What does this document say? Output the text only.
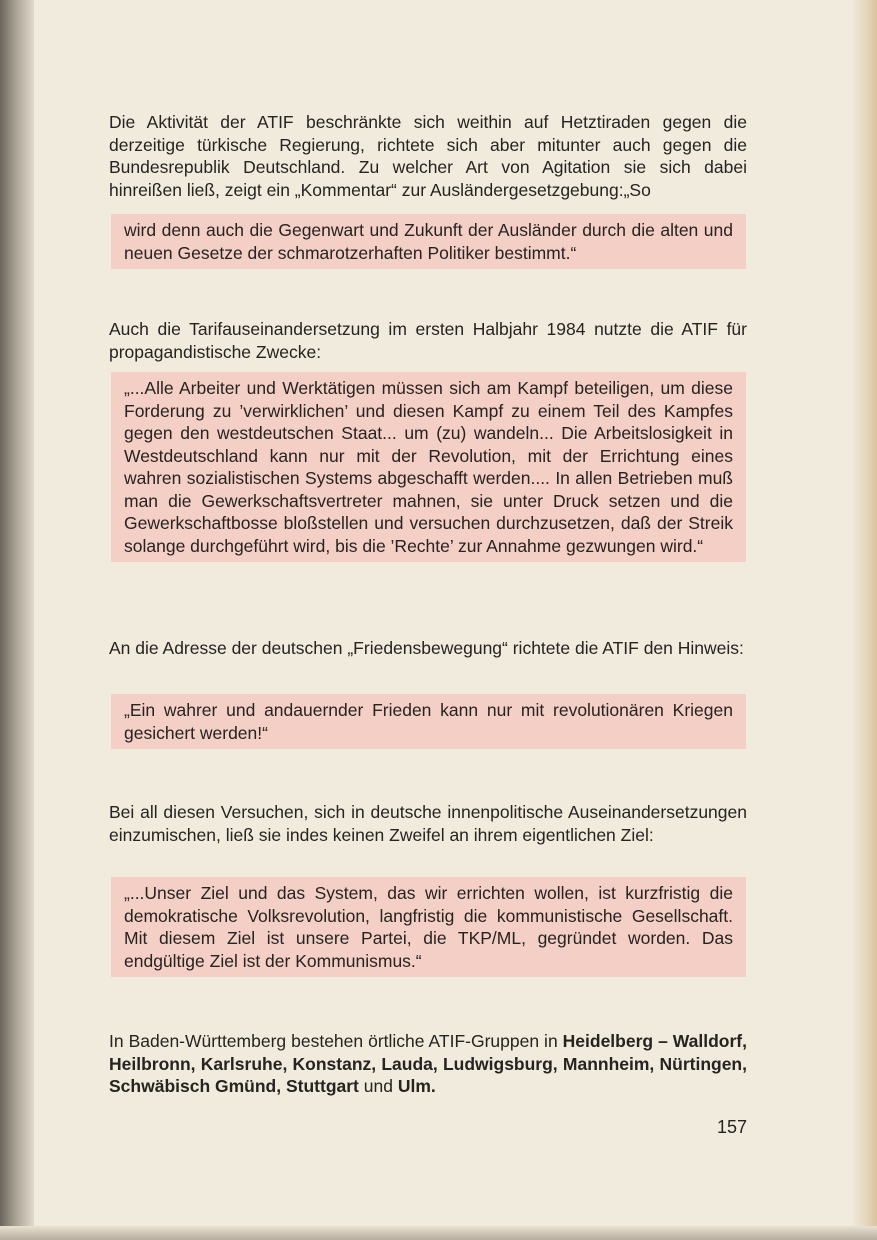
Die Aktivität der ATIF beschränkte sich weithin auf Hetztiraden gegen die derzeitige türkische Regierung, richtete sich aber mitunter auch gegen die Bundesrepublik Deutschland. Zu welcher Art von Agitation sie sich dabei hinreißen ließ, zeigt ein „Kommentar“ zur Ausländergesetzgebung:„So

wird denn auch die Gegenwart und Zukunft der Ausländer durch die alten und neuen Gesetze der schmarotzerhaften Politiker bestimmt.“

Auch die Tarifauseinandersetzung im ersten Halbjahr 1984 nutzte die ATIF für propagandistische Zwecke:

„...Alle Arbeiter und Werktätigen müssen sich am Kampf beteiligen, um diese Forderung zu ’verwirklichen’ und diesen Kampf zu einem Teil des Kampfes gegen den westdeutschen Staat... um (zu) wandeln... Die Arbeitslosigkeit in Westdeutschland kann nur mit der Revolution, mit der Errichtung eines wahren sozialistischen Systems abgeschafft werden.... In allen Betrieben muß man die Gewerkschaftsvertreter mahnen, sie unter Druck setzen und die Gewerkschaftbosse bloßstellen und versuchen durchzusetzen, daß der Streik solange durchgeführt wird, bis die ’Rechte’ zur Annahme gezwungen wird.“

An die Adresse der deutschen „Friedensbewegung“ richtete die ATIF den Hinweis:

„Ein wahrer und andauernder Frieden kann nur mit revolutionären Kriegen gesichert werden!“

Bei all diesen Versuchen, sich in deutsche innenpolitische Auseinandersetzungen einzumischen, ließ sie indes keinen Zweifel an ihrem eigentlichen Ziel:

„...Unser Ziel und das System, das wir errichten wollen, ist kurzfristig die demokratische Volksrevolution, langfristig die kommunistische Gesellschaft. Mit diesem Ziel ist unsere Partei, die TKP/ML, gegründet worden. Das endgültige Ziel ist der Kommunismus.“

In Baden-Württemberg bestehen örtliche ATIF-Gruppen in Heidelberg – Walldorf, Heilbronn, Karlsruhe, Konstanz, Lauda, Ludwigsburg, Mannheim, Nürtingen, Schwäbisch Gmünd, Stuttgart und Ulm.

157
